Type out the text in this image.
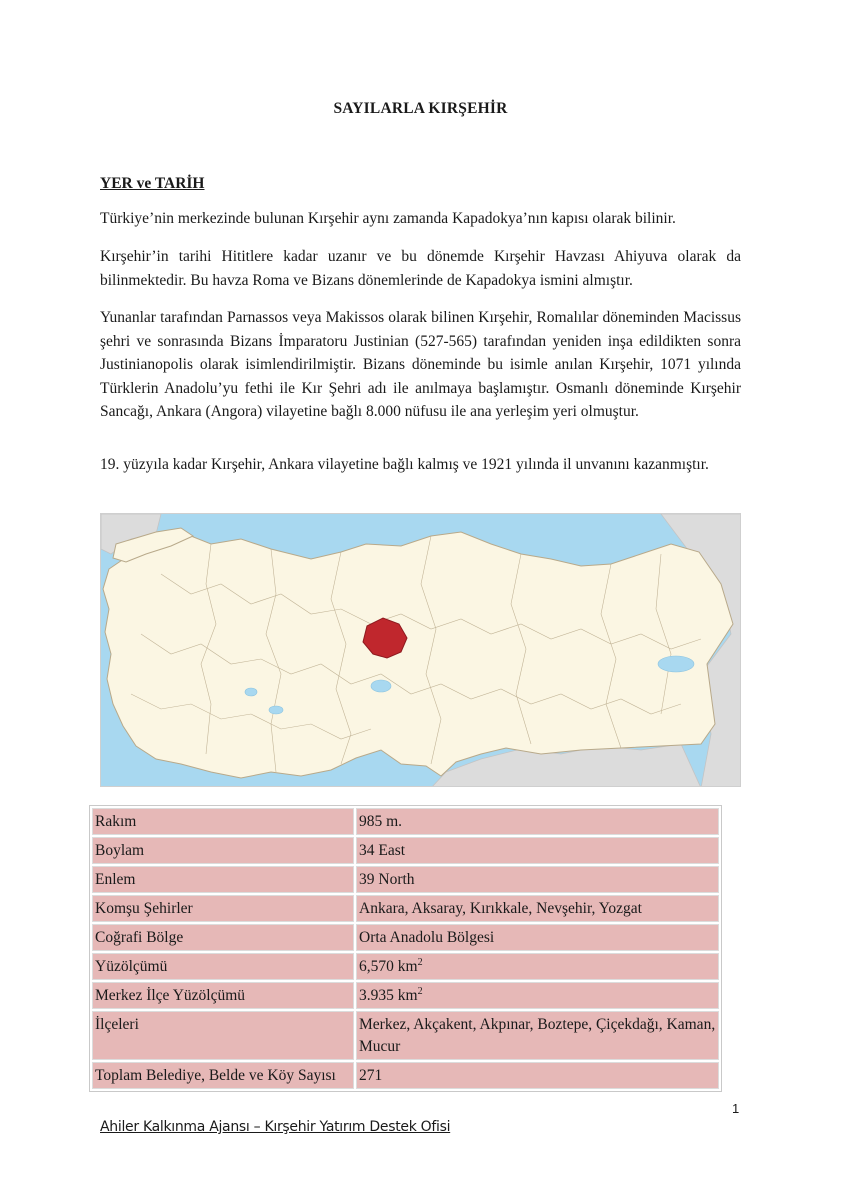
SAYILARLA KIRŞEHİR
YER ve TARİH

Türkiye’nin merkezinde bulunan Kırşehir aynı zamanda Kapadokya’nın kapısı olarak bilinir.

Kırşehir’in tarihi Hititlere kadar uzanır ve bu dönemde Kırşehir Havzası Ahiyuva olarak da bilinmektedir. Bu havza Roma ve Bizans dönemlerinde de Kapadokya ismini almıştır.

Yunanlar tarafından Parnassos veya Makissos olarak bilinen Kırşehir, Romalılar döneminden Macissus şehri ve sonrasında Bizans İmparatoru Justinian (527-565) tarafından yeniden inşa edildikten sonra Justinianopolis olarak isimlendirilmiştir. Bizans döneminde bu isimle anılan Kırşehir, 1071 yılında Türklerin Anadolu’yu fethi ile Kır Şehri adı ile anılmaya başlamıştır. Osmanlı döneminde Kırşehir Sancağı, Ankara (Angora) vilayetine bağlı 8.000 nüfusu ile ana yerleşim yeri olmuştur.

19. yüzyıla kadar Kırşehir, Ankara vilayetine bağlı kalmış ve 1921 yılında il unvanını kazanmıştır.

Rakım	985 m.
Boylam	34 East
Enlem	39 North
Komşu Şehirler	Ankara, Aksaray, Kırıkkale, Nevşehir, Yozgat
Coğrafi Bölge	Orta Anadolu Bölgesi
Yüzölçümü	6,570 $km^2$
Merkez İlçe Yüzölçümü	3.935 $km^2$
İlçeleri	Merkez, Akçakent, Akpınar, Boztepe, Çiçekdağı, Kaman, Mucur
Toplam Belediye, Belde ve Köy Sayısı	271
1
Ahiler Kalkınma Ajansı – Kırşehir Yatırım Destek Ofisi
